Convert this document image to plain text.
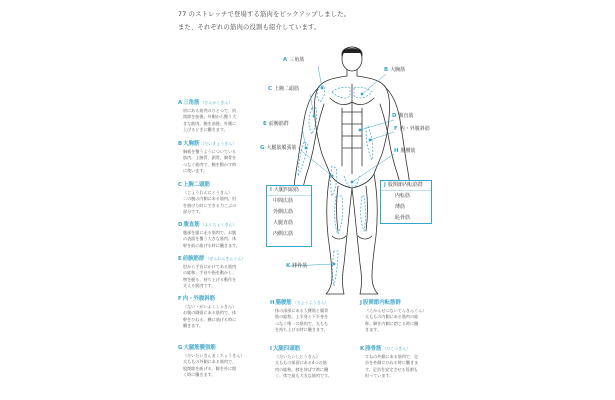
77 のストレッチで登場する筋肉をピックアップしました。
また、それぞれの筋肉の役割も紹介しています。
A 三角筋
B 大胸筋
C 上腕二頭筋
D 腹直筋
E 前腕筋群
F 内・外腹斜筋
G 大腿筋膜張筋	H 腸腰筋
K 腓骨筋
I 大腿四頭筋
中間広筋
外側広筋
大腿直筋
内側広筋
J 股関節内転筋群
内転筋
薄筋
恥骨筋
A 三角筋 （さんかくきん）
肩にある筋肉のひとつで、肩
関節を前後、外側から覆う大
きな筋肉。腕を前後、外側に
上げるときに働きます。
B 大胸筋 （だいきょうきん）
胸板を覆うようについている
筋肉。上腕骨、鎖骨、胸骨を
つなぐ筋肉で、腕を動かす時
に使います。
C 上腕二頭筋
（じょうわんにとうきん）
二の腕の内側にある筋肉。肘
を曲げた時にできる力こぶの
部分です。
D 腹直筋 （ふくちょくきん）
腹部を縦に走る筋肉で、お腹
の表面を覆う大きな筋肉。体
幹を前に曲げる時に働きます。
E 前腕筋群 （ぜんわんきんぐん）
肘から手首にかけてある筋肉
の総称。手首や指を動かし、
物を握る、持ち上げる動作を
支える筋肉です。
F 内・外腹斜筋
（ない・がいふくしゃきん）
お腹の側面にある筋肉で、体
幹をひねる、横に曲げる時に
働きます。
G 大腿筋膜張筋
（だいたいきんまくちょうきん）
太ももの外側にある筋肉で、
股関節を曲げる、脚を外に開
く時に働きます。
H 腸腰筋 （ちょうようきん）
体の深部にある大腰筋と腸骨
筋の総称。上半身と下半身を
つなぐ唯一の筋肉で、太もも
を持ち上げる時に働きます。
I 大腿四頭筋
（だいたいしとうきん）
太ももの前面にある4つの筋
肉の総称。膝を伸ばす時に働
く、体で最も大きな筋肉です。
J 股関節内転筋群
（こかんせつないてんきんぐん）
太ももの内側にある筋肉の総
称。脚を内側に閉じる時に働
きます。
K 腓骨筋 （ひこつきん）
すねの外側にある筋肉で、足
首を外側にひねる時に働きま
す。足首を安定させる役割も
担っています。
